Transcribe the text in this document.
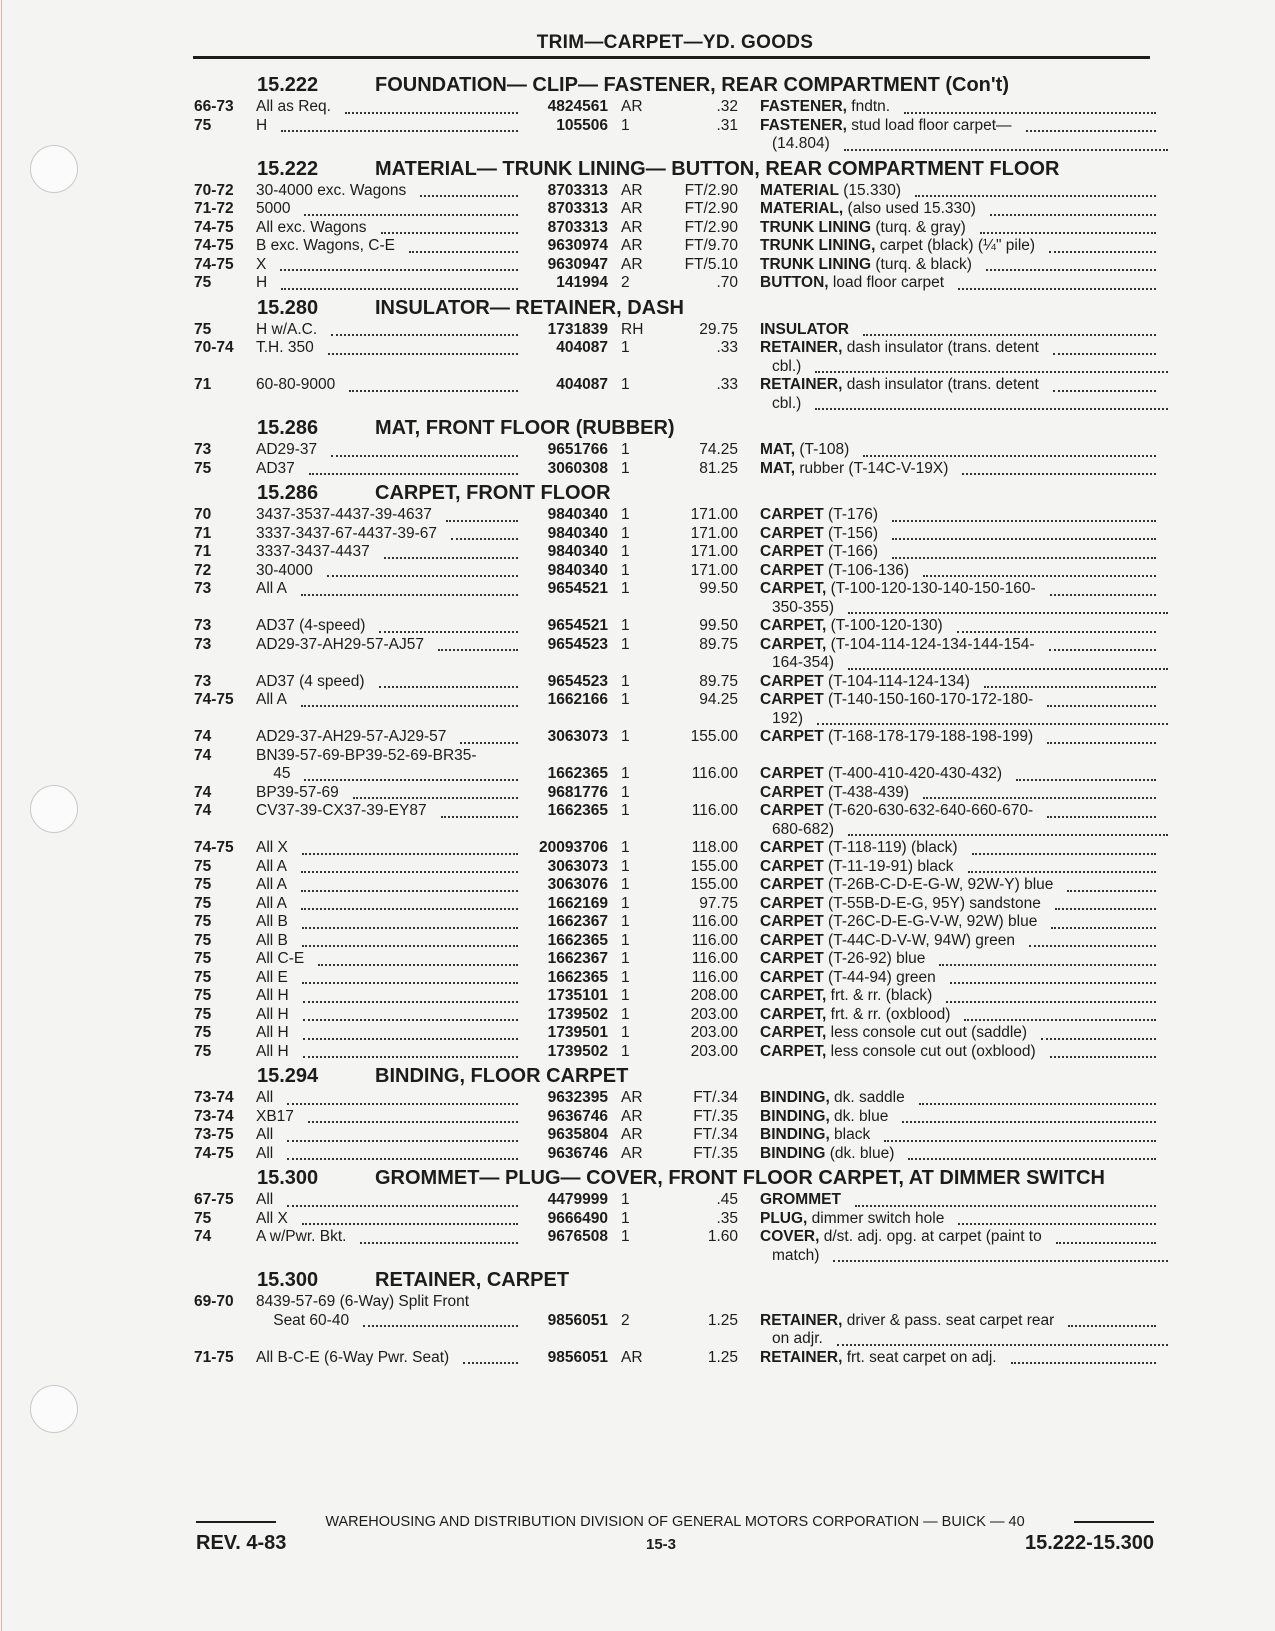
TRIM—CARPET—YD. GOODS
15.222	FOUNDATION— CLIP— FASTENER, REAR COMPARTMENT (Con't)
66-73	All as Req.	4824561 AR	.32 FASTENER, fndtn.
75	H	105506 1	.31 FASTENER, stud load floor carpet—
(14.804)
15.222	MATERIAL— TRUNK LINING— BUTTON, REAR COMPARTMENT FLOOR
70-72	30-4000 exc. Wagons	8703313 AR	FT/2.90 MATERIAL (15.330)
71-72	5000	8703313 AR	FT/2.90 MATERIAL, (also used 15.330)
74-75	All exc. Wagons	8703313 AR	FT/2.90 TRUNK LINING (turq. & gray)
74-75	B exc. Wagons, C-E	9630974 AR	FT/9.70 TRUNK LINING, carpet (black) (¼" pile)
74-75	X	9630947 AR	FT/5.10 TRUNK LINING (turq. & black)
75	H	141994 2	.70 BUTTON, load floor carpet
15.280	INSULATOR— RETAINER, DASH
75	H w/A.C.	1731839 RH	29.75 INSULATOR
70-74	T.H. 350	404087 1	.33 RETAINER, dash insulator (trans. detent
cbl.)
71	60-80-9000	404087 1	.33 RETAINER, dash insulator (trans. detent
cbl.)
15.286	MAT, FRONT FLOOR (RUBBER)
73	AD29-37	9651766 1	74.25 MAT, (T-108)
75	AD37	3060308 1	81.25 MAT, rubber (T-14C-V-19X)
15.286	CARPET, FRONT FLOOR
70	3437-3537-4437-39-4637	9840340 1	171.00 CARPET (T-176)
71	3337-3437-67-4437-39-67	9840340 1	171.00 CARPET (T-156)
71	3337-3437-4437	9840340 1	171.00 CARPET (T-166)
72	30-4000	9840340 1	171.00 CARPET (T-106-136)
73	All A	9654521 1	99.50 CARPET, (T-100-120-130-140-150-160-
350-355)
73	AD37 (4-speed)	9654521 1	99.50 CARPET, (T-100-120-130)
73	AD29-37-AH29-57-AJ57	9654523 1	89.75 CARPET, (T-104-114-124-134-144-154-
164-354)
73	AD37 (4 speed)	9654523 1	89.75 CARPET (T-104-114-124-134)
74-75	All A	1662166 1	94.25 CARPET (T-140-150-160-170-172-180-
192)
74	AD29-37-AH29-57-AJ29-57	3063073 1	155.00 CARPET (T-168-178-179-188-198-199)
74	BN39-57-69-BP39-52-69-BR35-
45	1662365 1	116.00 CARPET (T-400-410-420-430-432)
74	BP39-57-69	9681776 1	CARPET (T-438-439)
74	CV37-39-CX37-39-EY87	1662365 1	116.00 CARPET (T-620-630-632-640-660-670-
680-682)
74-75	All X	20093706 1	118.00 CARPET (T-118-119) (black)
75	All A	3063073 1	155.00 CARPET (T-11-19-91) black
75	All A	3063076 1	155.00 CARPET (T-26B-C-D-E-G-W, 92W-Y) blue
75	All A	1662169 1	97.75 CARPET (T-55B-D-E-G, 95Y) sandstone
75	All B	1662367 1	116.00 CARPET (T-26C-D-E-G-V-W, 92W) blue
75	All B	1662365 1	116.00 CARPET (T-44C-D-V-W, 94W) green
75	All C-E	1662367 1	116.00 CARPET (T-26-92) blue
75	All E	1662365 1	116.00 CARPET (T-44-94) green
75	All H	1735101 1	208.00 CARPET, frt. & rr. (black)
75	All H	1739502 1	203.00 CARPET, frt. & rr. (oxblood)
75	All H	1739501 1	203.00 CARPET, less console cut out (saddle)
75	All H	1739502 1	203.00 CARPET, less console cut out (oxblood)
15.294	BINDING, FLOOR CARPET
73-74	All	9632395 AR	FT/.34 BINDING, dk. saddle
73-74	XB17	9636746 AR	FT/.35 BINDING, dk. blue
73-75	All	9635804 AR	FT/.34 BINDING, black
74-75	All	9636746 AR	FT/.35 BINDING (dk. blue)
15.300	GROMMET— PLUG— COVER, FRONT FLOOR CARPET, AT DIMMER SWITCH
67-75	All	4479999 1	.45 GROMMET
75	All X	9666490 1	.35 PLUG, dimmer switch hole
74	A w/Pwr. Bkt.	9676508 1	1.60 COVER, d/st. adj. opg. at carpet (paint to
match)
15.300	RETAINER, CARPET
69-70	8439-57-69 (6-Way) Split Front
Seat 60-40	9856051 2	1.25 RETAINER, driver & pass. seat carpet rear
on adjr.
71-75	All B-C-E (6-Way Pwr. Seat)	9856051 AR	1.25 RETAINER, frt. seat carpet on adj.
WAREHOUSING AND DISTRIBUTION DIVISION OF GENERAL MOTORS CORPORATION — BUICK — 40
REV. 4-83	15-3	15.222-15.300
